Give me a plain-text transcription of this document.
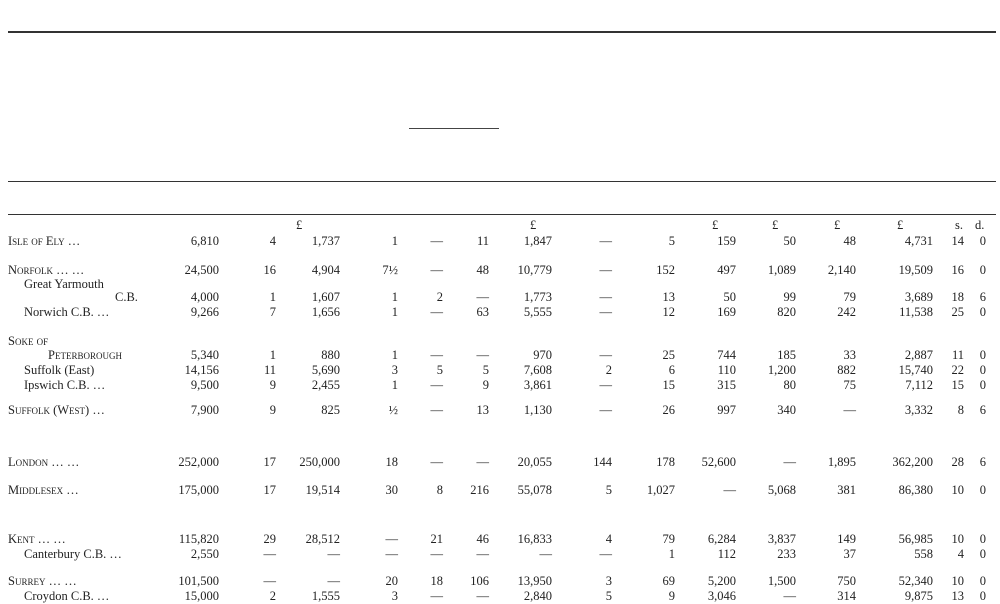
£	£	£	£	£	£	s. d.
Isle of Ely …	6,810	4	1,737	1	—	11	1,847	—	5	159	50	48	4,731	14	0
Norfolk … …	24,500	16	4,904	7½	—	48	10,779	—	152	497	1,089	2,140	19,509	16	0
Great Yarmouth
C.B.	4,000	1	1,607	1	2	—	1,773	—	13	50	99	79	3,689	18	6
Norwich C.B. …	9,266	7	1,656	1	—	63	5,555	—	12	169	820	242	11,538	25	0
Soke of
Peterborough	5,340	1	880	1	—	—	970	—	25	744	185	33	2,887	11	0
Suffolk (East)	14,156	11	5,690	3	5	5	7,608	2	6	110	1,200	882	15,740	22	0
Ipswich C.B. …	9,500	9	2,455	1	—	9	3,861	—	15	315	80	75	7,112	15	0
Suffolk (West) …	7,900	9	825	½	—	13	1,130	—	26	997	340	—	3,332	8	6
London … …	252,000	17	250,000	18	—	—	20,055	144	178	52,600	—	1,895	362,200	28	6
Middlesex …	175,000	17	19,514	30	8	216	55,078	5	1,027	—	5,068	381	86,380	10	0
Kent … …	115,820	29	28,512	—	21	46	16,833	4	79	6,284	3,837	149	56,985	10	0
Canterbury C.B. …	2,550	—	—	—	—	—	—	—	1	112	233	37	558	4	0
Surrey … …	101,500	—	—	20	18	106	13,950	3	69	5,200	1,500	750	52,340	10	0
Croydon C.B. …	15,000	2	1,555	3	—	—	2,840	5	9	3,046	—	314	9,875	13	0
